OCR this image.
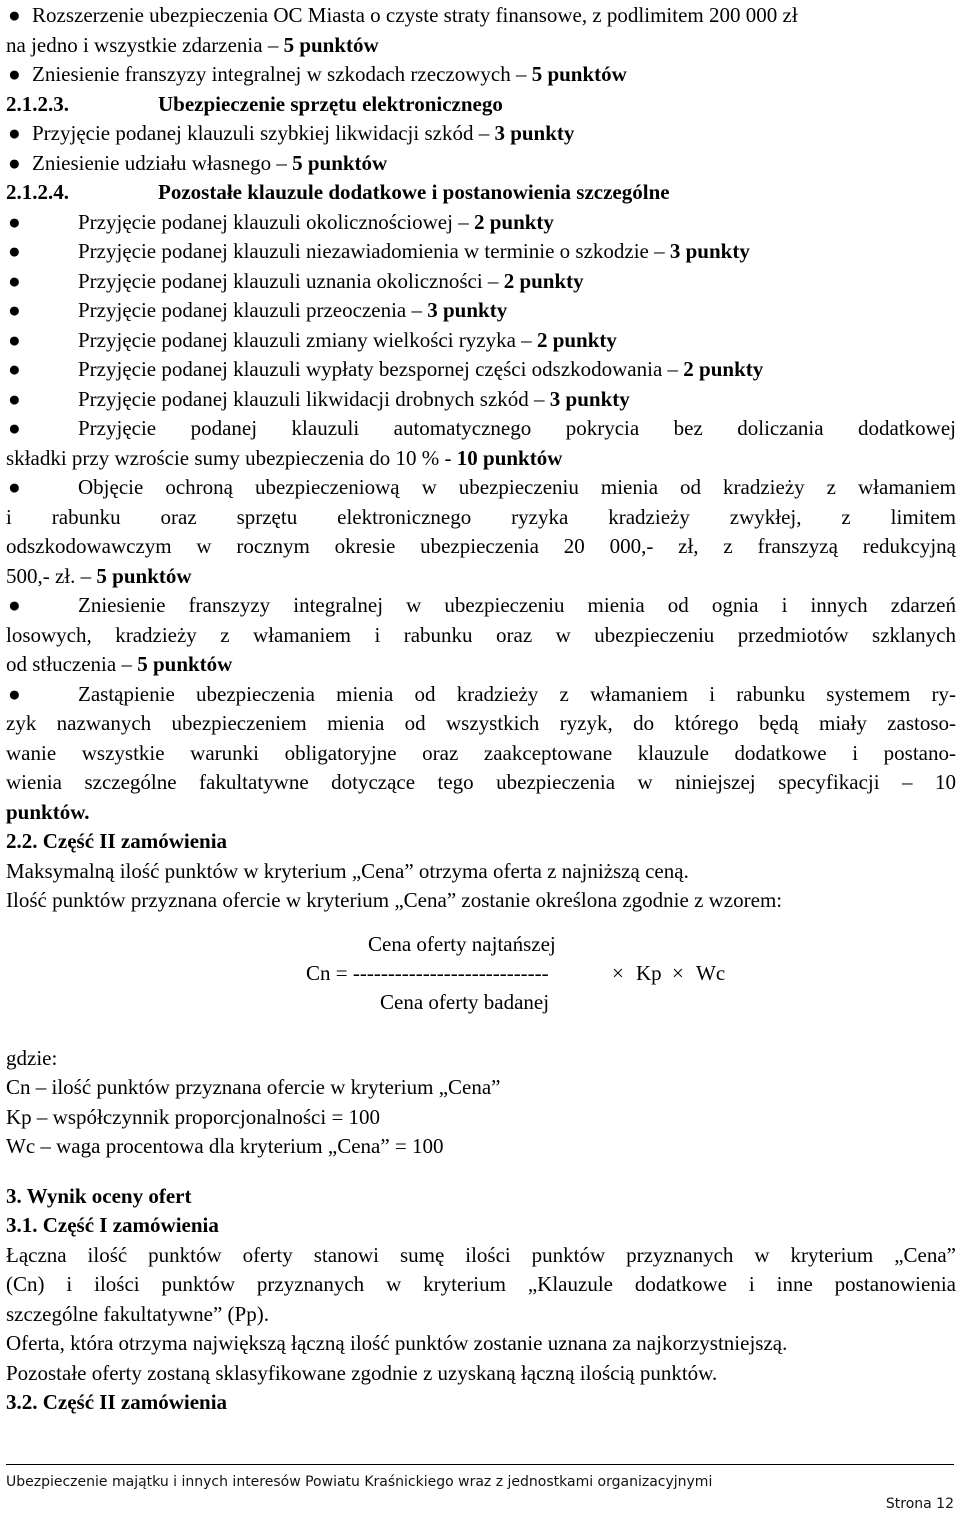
● Rozszerzenie ubezpieczenia OC Miasta o czyste straty finansowe, z podlimitem 200 000 zł
na jedno i wszystkie zdarzenia – 5 punktów
● Zniesienie franszyzy integralnej w szkodach rzeczowych – 5 punktów
2.1.2.3.	Ubezpieczenie sprzętu elektronicznego
● Przyjęcie podanej klauzuli szybkiej likwidacji szkód – 3 punkty
● Zniesienie udziału własnego – 5 punktów
2.1.2.4.	Pozostałe klauzule dodatkowe i postanowienia szczególne
●	Przyjęcie podanej klauzuli okolicznościowej – 2 punkty
●	Przyjęcie podanej klauzuli niezawiadomienia w terminie o szkodzie – 3 punkty
●	Przyjęcie podanej klauzuli uznania okoliczności – 2 punkty
●	Przyjęcie podanej klauzuli przeoczenia – 3 punkty
●	Przyjęcie podanej klauzuli zmiany wielkości ryzyka – 2 punkty
●	Przyjęcie podanej klauzuli wypłaty bezspornej części odszkodowania – 2 punkty
●	Przyjęcie podanej klauzuli likwidacji drobnych szkód – 3 punkty
●	Przyjęcie podanej klauzuli automatycznego pokrycia bez doliczania dodatkowej
składki przy wzroście sumy ubezpieczenia do 10 % - 10 punktów
●	Objęcie ochroną ubezpieczeniową w ubezpieczeniu mienia od kradzieży z włamaniem
i rabunku oraz sprzętu elektronicznego ryzyka kradzieży zwykłej, z limitem
odszkodowawczym w rocznym okresie ubezpieczenia 20 000,- zł, z franszyzą redukcyjną
500,- zł. – 5 punktów
●	Zniesienie franszyzy integralnej w ubezpieczeniu mienia od ognia i innych zdarzeń
losowych, kradzieży z włamaniem i rabunku oraz w ubezpieczeniu przedmiotów szklanych
od stłuczenia – 5 punktów
●	Zastąpienie ubezpieczenia mienia od kradzieży z włamaniem i rabunku systemem ry-
zyk nazwanych ubezpieczeniem mienia od wszystkich ryzyk, do którego będą miały zastoso-
wanie wszystkie warunki obligatoryjne oraz zaakceptowane klauzule dodatkowe i postano-
wienia szczególne fakultatywne dotyczące tego ubezpieczenia w niniejszej specyfikacji – 10
punktów.
2.2. Część II zamówienia
Maksymalną ilość punktów w kryterium „Cena” otrzyma oferta z najniższą ceną.
Ilość punktów przyznana ofercie w kryterium „Cena” zostanie określona zgodnie z wzorem:
Cena oferty najtańszej
Cn = ----------------------------	× Kp × Wc
Cena oferty badanej
gdzie:
Cn – ilość punktów przyznana ofercie w kryterium „Cena”
Kp – współczynnik proporcjonalności = 100
Wc – waga procentowa dla kryterium „Cena” = 100
3. Wynik oceny ofert
3.1. Część I zamówienia
Łączna ilość punktów oferty stanowi sumę ilości punktów przyznanych w kryterium „Cena”
(Cn) i ilości punktów przyznanych w kryterium „Klauzule dodatkowe i inne postanowienia
szczególne fakultatywne” (Pp).
Oferta, która otrzyma największą łączną ilość punktów zostanie uznana za najkorzystniejszą.
Pozostałe oferty zostaną sklasyfikowane zgodnie z uzyskaną łączną ilością punktów.
3.2. Część II zamówienia
Ubezpieczenie majątku i innych interesów Powiatu Kraśnickiego wraz z jednostkami organizacyjnymi
Strona 12
